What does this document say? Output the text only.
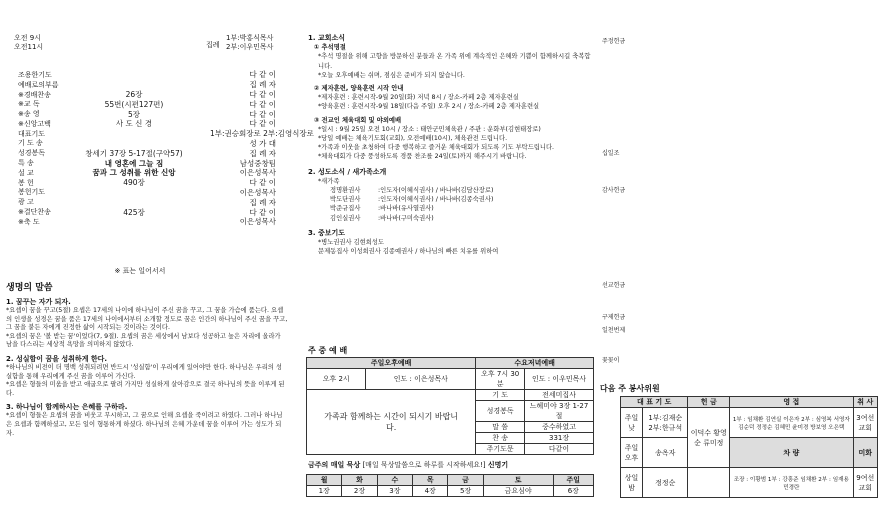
오전 9시
오전11시	집례
1부:박홍식목사
2부:이우민목사
조용한기도	다 같 이
예배로의부름	집 례 자
※경배찬송	26장	다 같 이
※교 독	55번(시편127편)	다 같 이
※송 영	5장	다 같 이
※신앙고백	사 도 신 경	다 같 이
대표기도	1부:권승회장로 2부:김영식장로
기 도 송	성 가 대
성경봉독	창세기 37장 5-17절(구약57)	집 례 자
특 송	내 영혼에 그늘 짐	남성중창팀
설 교	꿈과 그 성취를 위한 신앙	이은성목사
봉 헌	490장	다 같 이
봉헌기도	이은성목사
광 고	집 례 자
※결단찬송	425장	다 같 이
※축 도	이은성목사
※ 표는 일어서서
생명의 말씀
1. 꿈꾸는 자가 되자.

*요셉이 꿈을 꾸고(5절) 요셉은 17세의 나이에 하나님이 주신 꿈을 꾸고, 그 꿈을 가슴에 품는다. 요셉의 인생을 성경은 꿈을 품은 17세의 나이에서부터 소개할 정도로 꿈은 인간의 하나님이 주신 꿈을 꾸고, 그 꿈을 붙든 자에게 진정한 삶이 시작되는 것이라는 것이다.

*요셉의 꿈은 '볼 받는 꿈'이었다(7, 9절). 요셉의 꿈은 세상에서 남보다 성공하고 높은 자리에 올라가 남을 다스리는 세상적 욕망을 의미하지 않았다.

2. 성실함이 꿈을 성취하게 한다.

*하나님의 비전이 더 명백 성취되려면 반드시 '성실함'이 우리에게 있어야만 한다. 하나님은 우리의 성실함을 통해 우리에게 주신 꿈을 이루어 가신다.

*요셉은 형들의 미움을 받고 애굽으로 팔려 가지만 성실하게 살아감으로 결국 하나님의 뜻을 이루게 된다.

3. 하나님이 함께하시는 은혜를 구하라.

*요셉이 형들은 요셉의 꿈을 비웃고 무시하고, 그 꿈으로 인해 요셉을 죽이려고 하였다. 그러나 하나님은 요셉과 함께하셨고, 모든 일이 형통하게 하셨다. 하나님의 은혜 가운데 꿈을 이루어 가는 성도가 되자.

1. 교회소식
① 추석명절
*추석 명절을 위해 고향을 방문하신 분들과 온 가족 위에 계속적인 은혜와 기쁨이 함께하시길 축복합니다.
*오늘 오후예배는 쉬며, 점심은 준비가 되지 않습니다.
② 제자훈련, 양육훈련 시작 안내
*제자훈련 : 훈련시작-9월 20일(화) 저녁 8시 / 장소-카페 2층 제자훈련실
*양육훈련 : 훈련시작-9월 18일(다음 주일) 오후 2시 / 장소-카페 2층 제자훈련실
③ 전교인 체육대회 및 야외예배
*일시 : 9월 25일 오전 10시 / 장소 : 태안군민체육관 / 주관 : 운화부(김현태장로)
*당일 예배는 체육기도회(교회), 오전예배(10시), 체육관전 드립니다.
*가족과 이웃을 초청하여 다중 행복하고 즐거운 체육대회가 되도록 기도 부탁드립니다.
*체육대회가 다중 풍성하도록 경품 찬조를 24일(토)까지 해주시기 바랍니다.
2. 성도소식 / 새가족소개
*새가족
정명환권사	: 인도자(이혜식권사) / 바나바(김담산장로)
박도단권사	: 인도자(이혜식권사) / 바나바(김종숙권사)
박준규집사	: 바나바(유사열권사)
김인실권사	: 바나바(구미숙권사)
3. 중보기도
*병노권권사 김현희성도
문제동집사 이성희권사 김종예권사 / 하나님의 빠른 치유를 위하여
주 중 예 배
주일오후예배		수요저녁예배	
오후 2시	인도 : 이은성목사	오후 7시 30분	인도 : 이우민목사
가족과 함께하는 시간이 되시기 바랍니다.		기 도	전세미집사
		성경봉독	느헤미야 3장 1-27절
		말 씀	중수하였고
		찬 송	331장
		주기도문	다같이
금주의 매일 묵상 [매일 묵상말씀으로 하루를 시작하세요!] 신명기
월	화	수	목	금	토	주일
1장	2장	3장	4장	5장	금요심야	6장
주정헌금
십일조
감사헌금
선교헌금
구제헌금
일천번제
꽃꽂이
다음 주 봉사위원
대 표 기 도		헌 금	영 접	취 사
주일 낮	1부:김재순 2부:한규석	이덕수 황영순 류미정	1부 : 임채환 김연실 이은자 2부 : 심영복 서영자 김순덕 정정순 김혜민 윤미경 방보영 오은택	3여선교회
주일오후	송옥자		차 량	미화
상일 밤	정정순		조장 : 이황범 1부 : 강흥준 임채환 2부 : 임재용 민경란	9여선교회
